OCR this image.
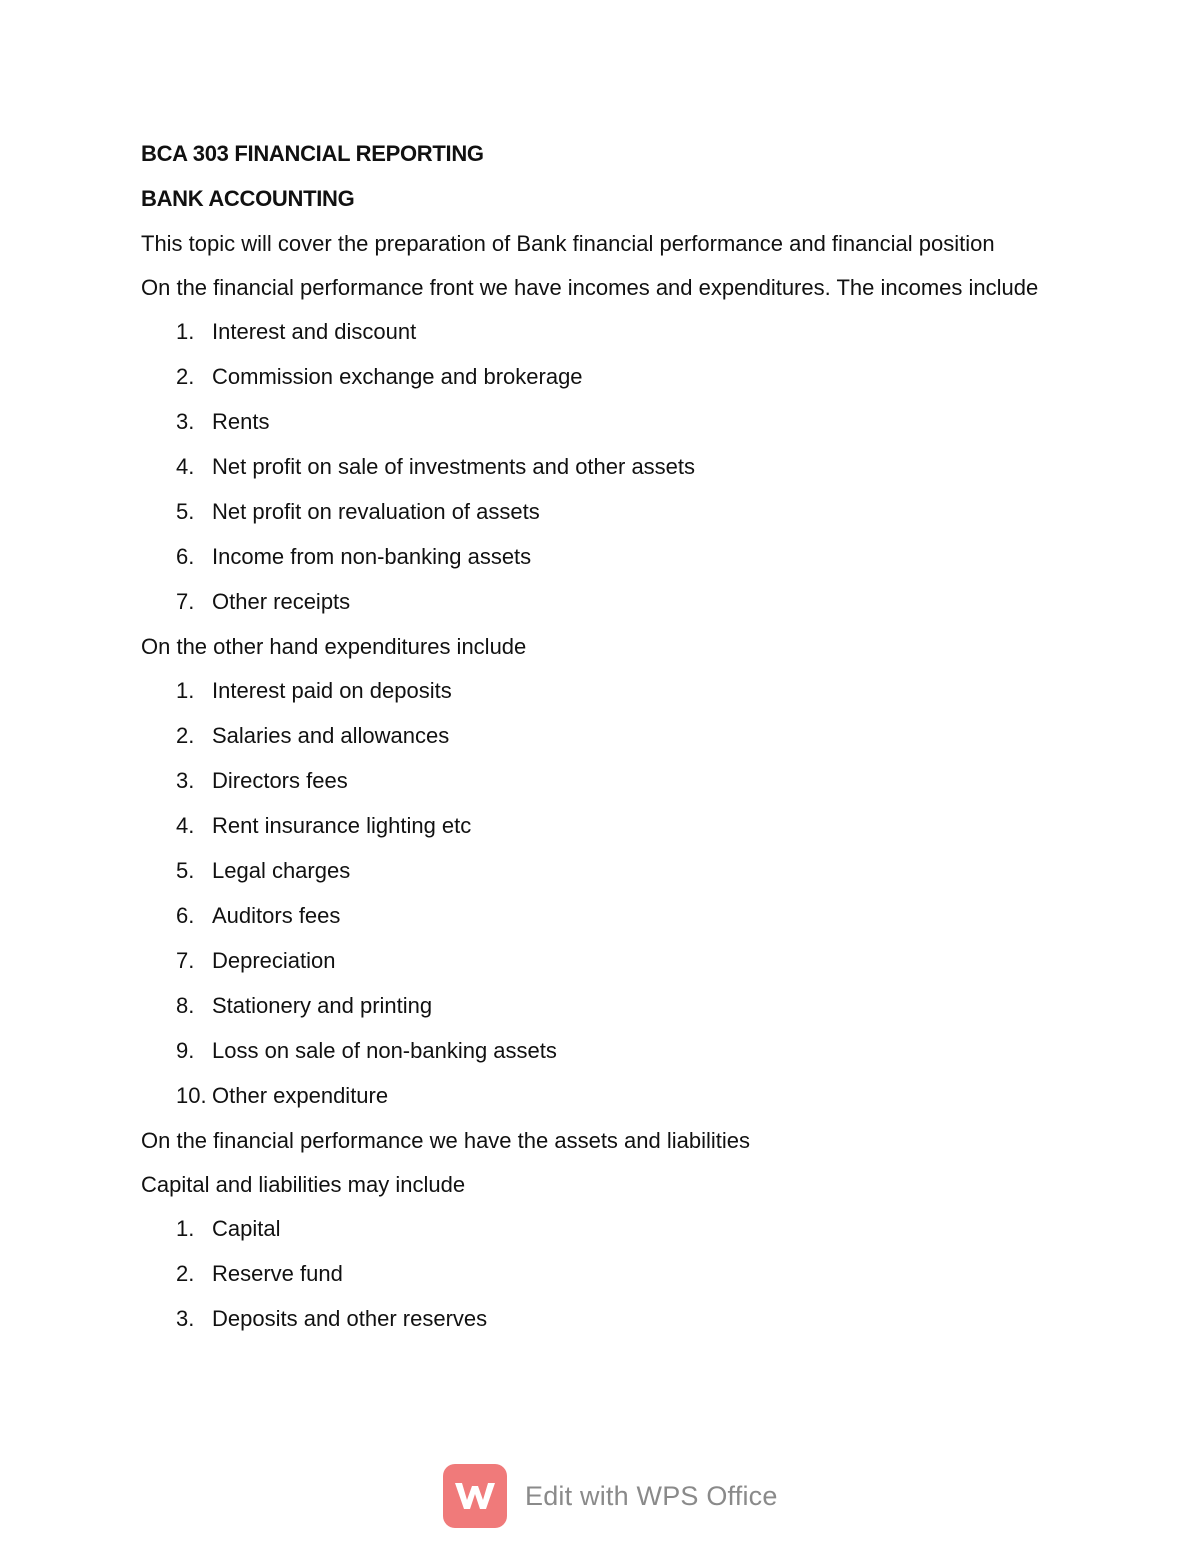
BCA 303 FINANCIAL REPORTING
BANK ACCOUNTING
This topic will cover the preparation of Bank financial performance and financial position
On the financial performance front we have incomes and expenditures. The incomes include
1. Interest and discount
2. Commission exchange and brokerage
3. Rents
4. Net profit on sale of investments and other assets
5. Net profit on revaluation of assets
6. Income from non-banking assets
7. Other receipts
On the other hand expenditures include
1. Interest paid on deposits
2. Salaries and allowances
3. Directors fees
4. Rent insurance lighting etc
5. Legal charges
6. Auditors fees
7. Depreciation
8. Stationery and printing
9. Loss on sale of non-banking assets
10. Other expenditure
On the financial performance we have the assets and liabilities
Capital and liabilities may include
1. Capital
2. Reserve fund
3. Deposits and other reserves
Edit with WPS Office
